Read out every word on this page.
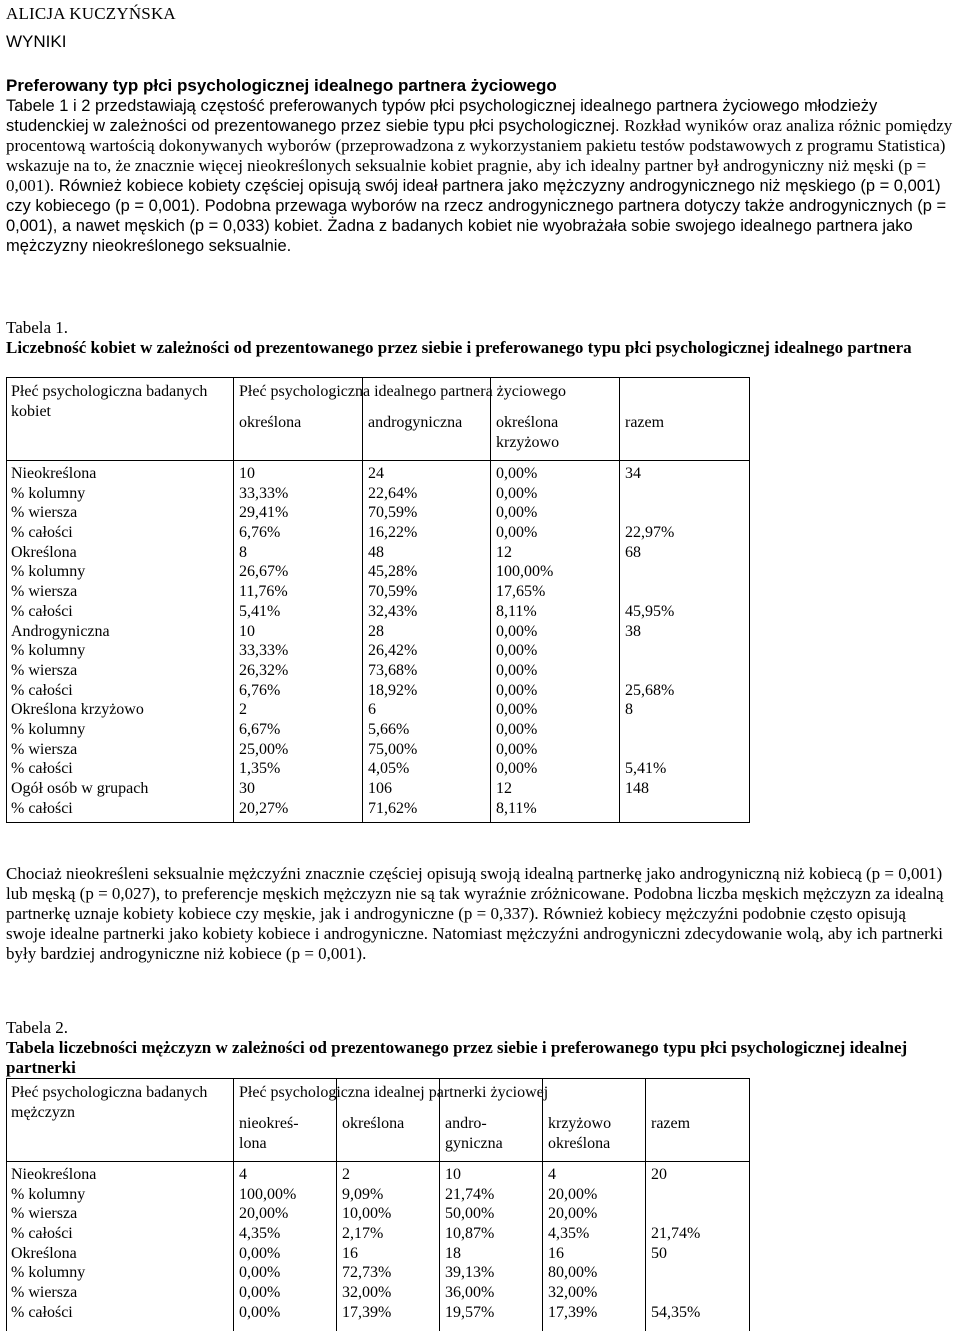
ALICJA KUCZYŃSKA
WYNIKI
Preferowany typ płci psychologicznej idealnego partnera życiowego
Tabele 1 i 2 przedstawiają częstość preferowanych typów płci psychologicznej idealnego partnera życiowego młodzieży studenckiej w zależności od prezentowanego przez siebie typu płci psychologicznej. Rozkład wyników oraz analiza różnic pomiędzy procentową wartością dokonywanych wyborów (przeprowadzona z wykorzystaniem pakietu testów podstawowych z programu Statistica) wskazuje na to, że znacznie więcej nieokreślonych seksualnie kobiet pragnie, aby ich idealny partner był androgyniczny niż męski (p = 0,001). Również kobiece kobiety częściej opisują swój ideał partnera jako mężczyzny androgynicznego niż męskiego (p = 0,001) czy kobiecego (p = 0,001). Podobna przewaga wyborów na rzecz androgynicznego partnera dotyczy także androgynicznych (p = 0,001), a nawet męskich (p = 0,033) kobiet. Żadna z badanych kobiet nie wyobrażała sobie swojego idealnego partnera jako mężczyzny nieokreślonego seksualnie.
Tabela 1.
Liczebność kobiet w zależności od prezentowanego przez siebie i preferowanego typu płci psychologicznej idealnego partnera
Płeć psychologiczna badanych kobiet
Płeć psychologiczna idealnego partnera życiowego
określona	androgyniczna określona krzyżowo
razem
Nieokreślona
% kolumny
% wiersza
% całości
Określona
% kolumny
% wiersza
% całości
Androgyniczna
% kolumny
% wiersza
% całości
Określona krzyżowo
% kolumny
% wiersza
% całości
Ogół osób w grupach
% całości
10
33,33%
29,41%
6,76%
8
26,67%
11,76%
5,41%
10
33,33%
26,32%
6,76%
2
6,67%
25,00%
1,35%
30
20,27%
24
22,64%
70,59%
16,22%
48
45,28%
70,59%
32,43%
28
26,42%
73,68%
18,92%
6
5,66%
75,00%
4,05%
106
71,62%
0,00%
0,00%
0,00%
0,00%
12
100,00%
17,65%
8,11%
0,00%
0,00%
0,00%
0,00%
0,00%
0,00%
0,00%
0,00%
12
8,11%
34
22,97%
68
45,95%
38
25,68%
8
5,41%
148
Chociaż nieokreśleni seksualnie mężczyźni znacznie częściej opisują swoją idealną partnerkę jako androgyniczną niż kobiecą (p = 0,001) lub męską (p = 0,027), to preferencje męskich mężczyzn nie są tak wyraźnie zróżnicowane. Podobna liczba męskich mężczyzn za idealną partnerkę uznaje kobiety kobiece czy męskie, jak i androgyniczne (p = 0,337). Również kobiecy mężczyźni podobnie często opisują swoje idealne partnerki jako kobiety kobiece i androgyniczne. Natomiast mężczyźni androgyniczni zdecydowanie wolą, aby ich partnerki były bardziej androgyniczne niż kobiece (p = 0,001).
Tabela 2.
Tabela liczebności mężczyzn w zależności od prezentowanego przez siebie i preferowanego typu płci psychologicznej idealnej partnerki
Płeć psychologiczna badanych mężczyzn
Płeć psychologiczna idealnej partnerki życiowej
nieokreś-lona
określona	andro-gyniczna
krzyżowo określona
razem
Nieokreślona
% kolumny
% wiersza
% całości
Określona
% kolumny
% wiersza
% całości
4
100,00%
20,00%
4,35%
0,00%
0,00%
0,00%
0,00%
2
9,09%
10,00%
2,17%
16
72,73%
32,00%
17,39%
10
21,74%
50,00%
10,87%
18
39,13%
36,00%
19,57%
4
20,00%
20,00%
4,35%
16
80,00%
32,00%
17,39%
20
21,74%
50
54,35%
